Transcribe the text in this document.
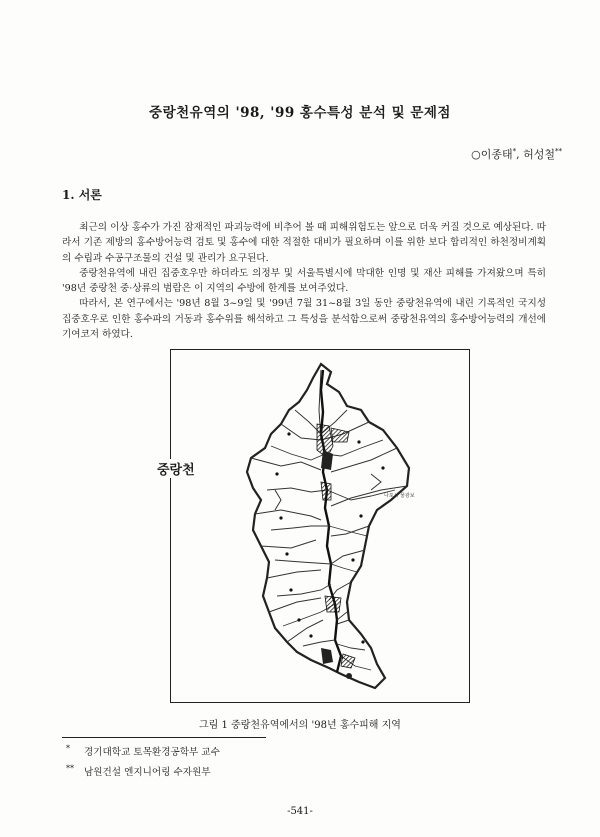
중랑천유역의 '98, '99 홍수특성 분석 및 문제점
○이종태*, 허성철**
1. 서론

최근의 이상 홍수가 가진 잠재적인 파괴능력에 비추어 볼 때 피해위험도는 앞으로 더욱 커질 것으로 예상된다. 따라서 기존 제방의 홍수방어능력 검토 및 홍수에 대한 적절한 대비가 필요하며 이를 위한 보다 합리적인 하천정비계획의 수립과 수공구조물의 건설 및 관리가 요구된다.

중랑천유역에 내린 집중호우만 하더라도 의정부 및 서울특별시에 막대한 인명 및 재산 피해를 가져왔으며 특히 '98년 중랑천 중·상류의 범람은 이 지역의 수방에 한계를 보여주었다.

따라서, 본 연구에서는 '98년 8월 3~9일 및 '99년 7월 31~8월 3일 동안 중랑천유역에 내린 기록적인 국지성 집중호우로 인한 홍수파의 거동과 홍수위를 해석하고 그 특성을 분석함으로써 중랑천유역의 홍수방어능력의 개선에 기여코저 하였다.

중랑천
나포시 물광보
그림 1 중랑천유역에서의 '98년 홍수피해 지역
* 경기대학교 토목환경공학부 교수
** 남원건설 엔지니어링 수자원부
-541-
